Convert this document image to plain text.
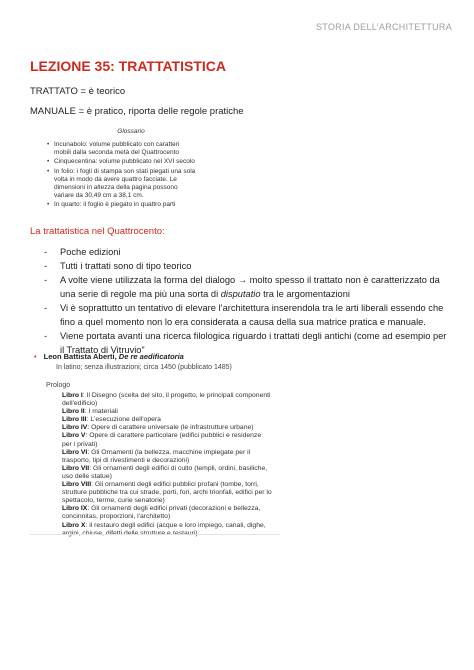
STORIA DELL’ARCHITETTURA
LEZIONE 35: TRATTATISTICA
TRATTATO = è teorico
MANUALE = è pratico, riporta delle regole pratiche
Glossario
• Incunabolo: volume pubblicato con caratteri mobili dalla seconda metà del Quattrocento
• Cinquecentina: volume pubblicato nel XVI secolo
• In folio: i fogli di stampa son stati piegati una sola volta in modo da avere quattro facciate. Le dimensioni in altezza della pagina possono variare da 30,49 cm a 38,1 cm.
• In quarto: il foglio è piegato in quattro parti
La trattatistica nel Quattrocento:
- Poche edizioni
- Tutti i trattati sono di tipo teorico
- A volte viene utilizzata la forma del dialogo → molto spesso il trattato non è caratterizzato da una serie di regole ma più una sorta di disputatio tra le argomentazioni
- Vi è soprattutto un tentativo di elevare l’architettura inserendola tra le arti liberali essendo che fino a quel momento non lo era considerata a causa della sua matrice pratica e manuale.
- Viene portata avanti una ricerca filologica riguardo i trattati degli antichi (come ad esempio per il Trattato di Vitruvio”
• Leon Battista Aberti, De re aedificatoria
In latino; senza illustrazioni; circa 1450 (pubblicato 1485)
Prologo
Libro I: Il Disegno (scelta del sito, il progetto, le principali componenti dell'edificio)
Libro II: I materiali
Libro III: L'esecuzione dell'opera
Libro IV: Opere di carattere universale (le infrastrutture urbane)
Libro V: Opere di carattere particolare (edifici pubblici e residenze per i privati)
Libro VI: Gli Ornamenti (la bellezza, macchine impiegate per il trasporto, tipi di rivestimenti e decorazioni)
Libro VII: Gli ornamenti degli edifici di culto (templi, ordini, basiliche, uso delle statue)
Libro VIII: Gli ornamenti degli edifici pubblici profani (tombe, torri, strutture pubbliche tra cui strade, porti, fori, archi trionfali, edifici per lo spettacolo, terme, curie senatorie)
Libro IX: Gli ornamenti degli edifici privati (decorazioni e bellezza, concinnitas, proporzioni, l'architetto)
Libro X: il restauro degli edifici (acque e loro impiego, canali, dighe,
